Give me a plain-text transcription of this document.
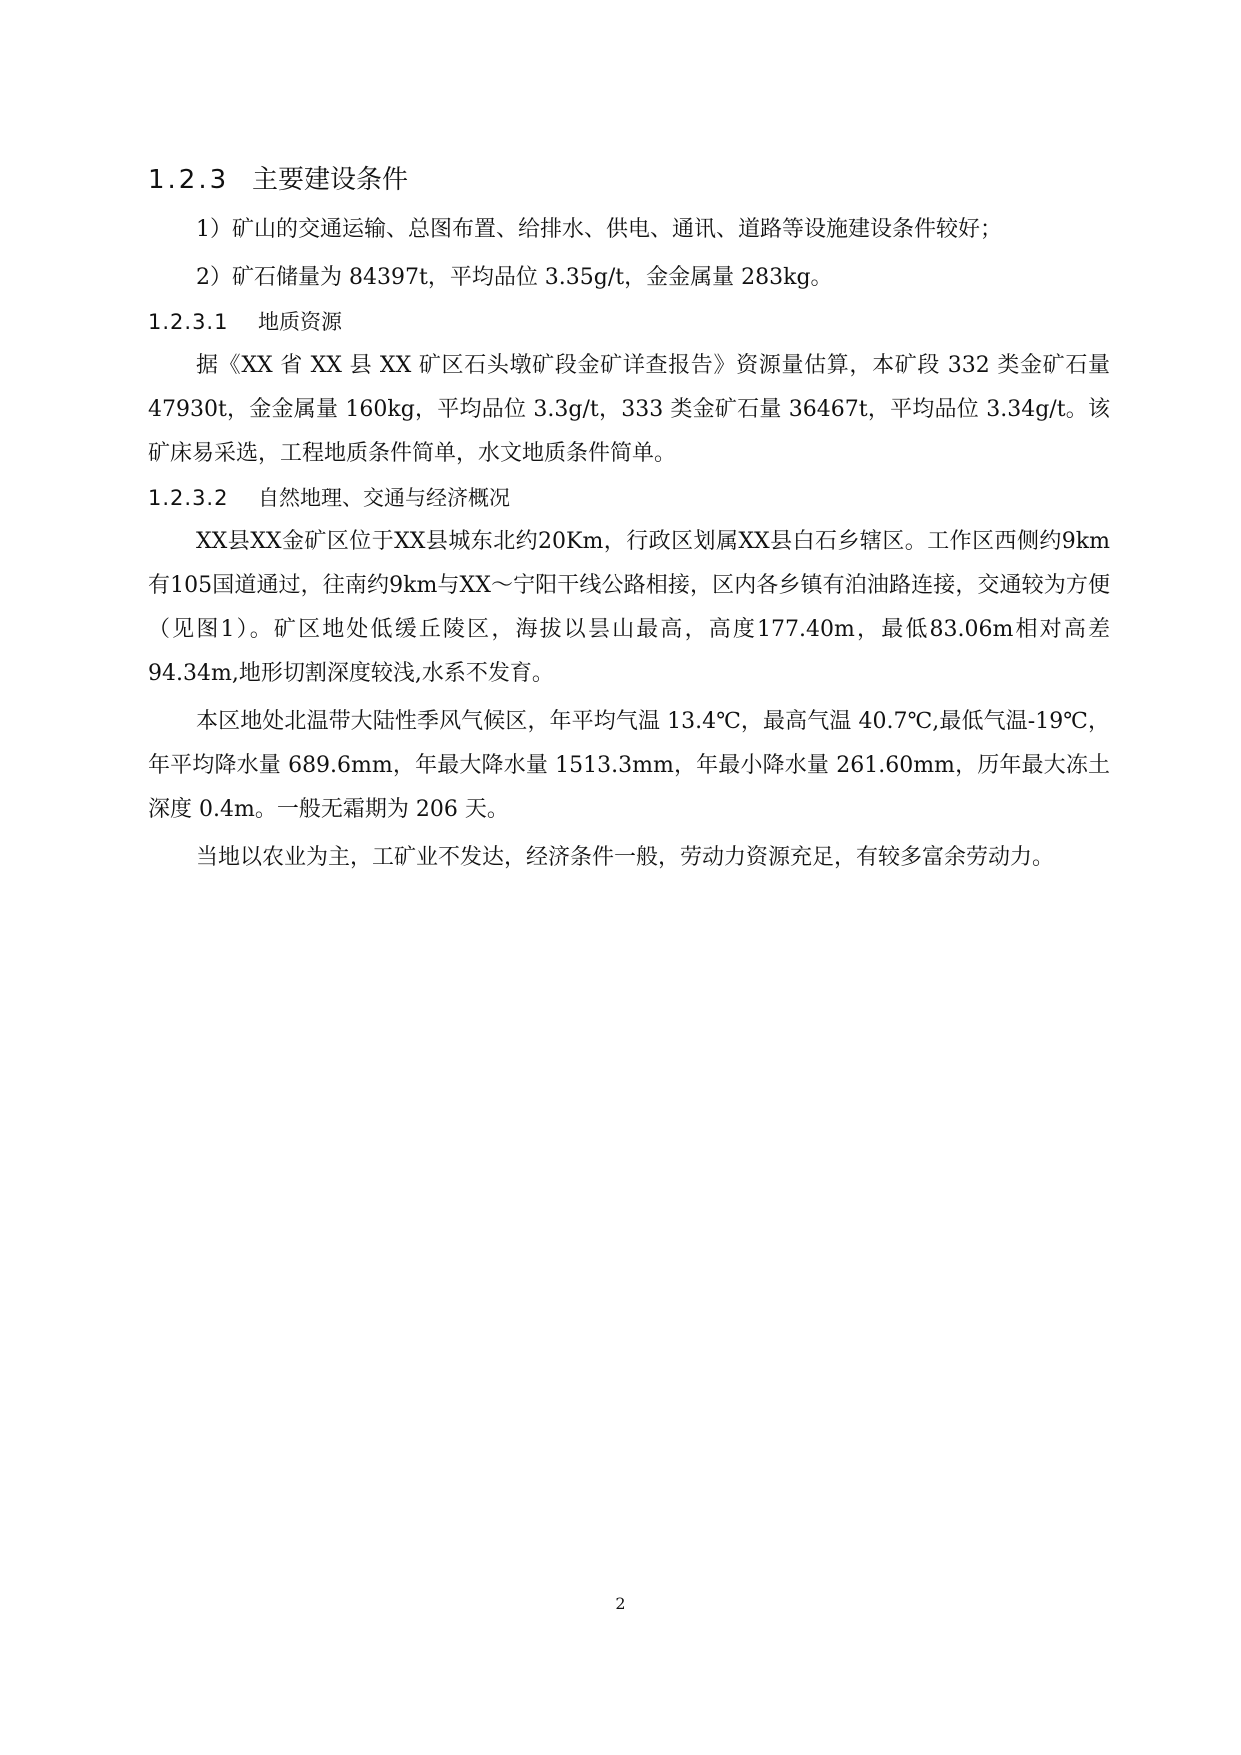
1.2.3 主要建设条件
1）矿山的交通运输、总图布置、给排水、供电、通讯、道路等设施建设条件较好；
2）矿石储量为 84397t，平均品位 3.35g/t，金金属量 283kg。
1.2.3.1 地质资源
据《XX 省 XX 县 XX 矿区石头墩矿段金矿详查报告》资源量估算，本矿段 332 类金矿石量 47930t，金金属量 160kg，平均品位 3.3g/t，333 类金矿石量 36467t，平均品位 3.34g/t。该矿床易采选，工程地质条件简单，水文地质条件简单。
1.2.3.2 自然地理、交通与经济概况
XX县XX金矿区位于XX县城东北约20Km，行政区划属XX县白石乡辖区。工作区西侧约9km有105国道通过，往南约9km与XX～宁阳干线公路相接，区内各乡镇有泊油路连接，交通较为方便（见图1）。矿区地处低缓丘陵区，海拔以昙山最高，高度177.40m，最低83.06m相对高差94.34m,地形切割深度较浅,水系不发育。
本区地处北温带大陆性季风气候区，年平均气温 13.4℃，最高气温 40.7℃,最低气温-19℃，年平均降水量 689.6mm，年最大降水量 1513.3mm，年最小降水量 261.60mm，历年最大冻土深度 0.4m。一般无霜期为 206 天。
当地以农业为主，工矿业不发达，经济条件一般，劳动力资源充足，有较多富余劳动力。
2
